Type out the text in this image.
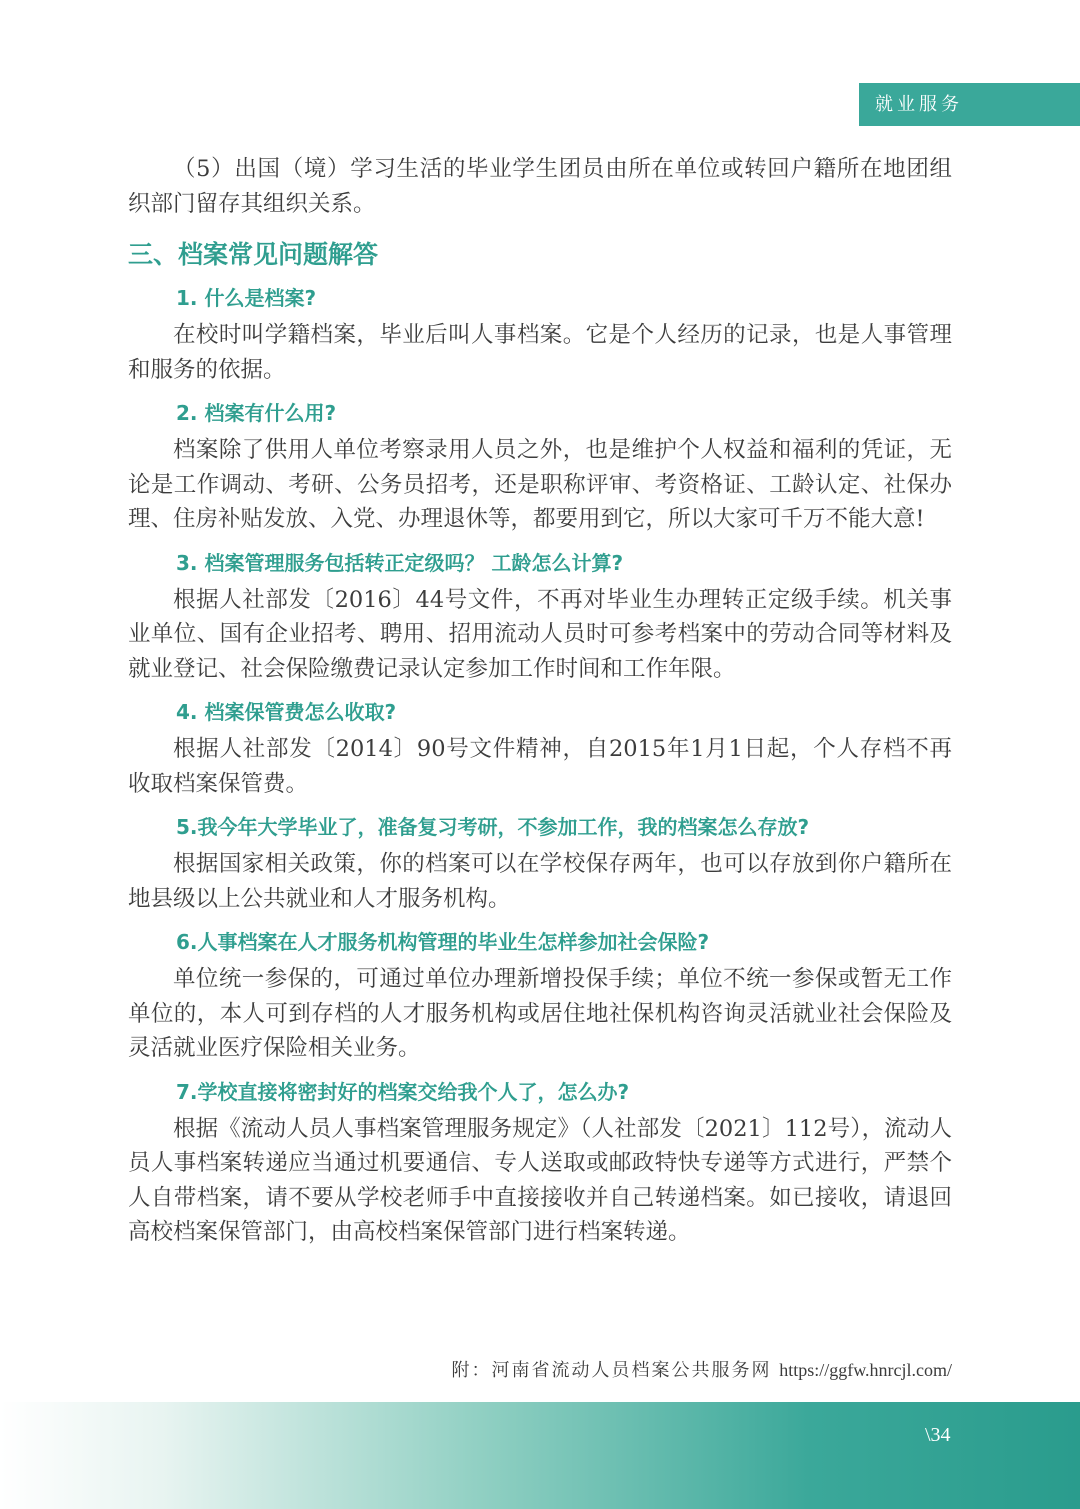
就业服务

（5）出国（境）学习生活的毕业学生团员由所在单位或转回户籍所在地团组织部门留存其组织关系。

三、档案常见问题解答
1. 什么是档案?

在校时叫学籍档案，毕业后叫人事档案。它是个人经历的记录，也是人事管理和服务的依据。

2. 档案有什么用?

档案除了供用人单位考察录用人员之外，也是维护个人权益和福利的凭证，无论是工作调动、考研、公务员招考，还是职称评审、考资格证、工龄认定、社保办理、住房补贴发放、入党、办理退休等，都要用到它，所以大家可千万不能大意!

3. 档案管理服务包括转正定级吗？ 工龄怎么计算?

根据人社部发〔2016〕44号文件，不再对毕业生办理转正定级手续。机关事业单位、国有企业招考、聘用、招用流动人员时可参考档案中的劳动合同等材料及就业登记、社会保险缴费记录认定参加工作时间和工作年限。

4. 档案保管费怎么收取?

根据人社部发〔2014〕90号文件精神，自2015年1月1日起，个人存档不再收取档案保管费。

5.我今年大学毕业了，准备复习考研，不参加工作，我的档案怎么存放?

根据国家相关政策，你的档案可以在学校保存两年，也可以存放到你户籍所在地县级以上公共就业和人才服务机构。

6.人事档案在人才服务机构管理的毕业生怎样参加社会保险?

单位统一参保的，可通过单位办理新增投保手续；单位不统一参保或暂无工作单位的，本人可到存档的人才服务机构或居住地社保机构咨询灵活就业社会保险及灵活就业医疗保险相关业务。

7.学校直接将密封好的档案交给我个人了，怎么办?

根据《流动人员人事档案管理服务规定》（人社部发〔2021〕112号），流动人员人事档案转递应当通过机要通信、专人送取或邮政特快专递等方式进行，严禁个人自带档案，请不要从学校老师手中直接接收并自己转递档案。如已接收，请退回高校档案保管部门，由高校档案保管部门进行档案转递。

附：河南省流动人员档案公共服务网 https://ggfw.hnrcjl.com/
\34
